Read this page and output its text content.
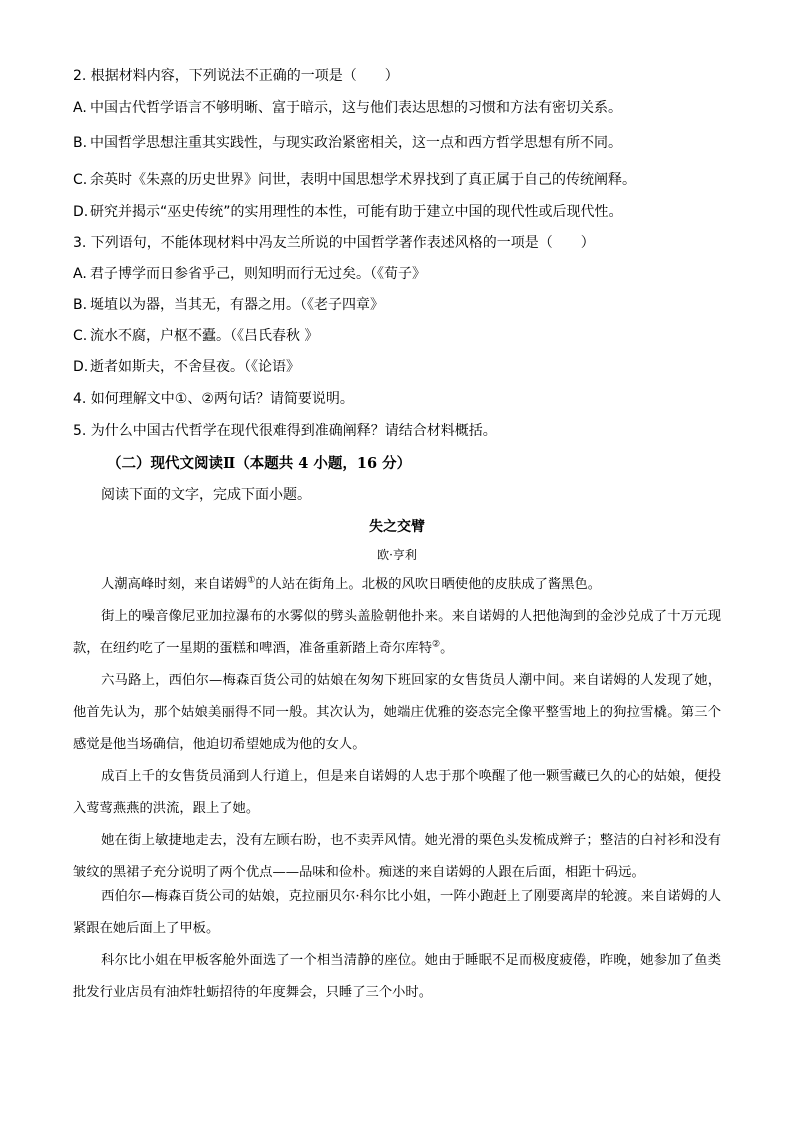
2. 根据材料内容，下列说法不正确的一项是（　　）
A. 中国古代哲学语言不够明晰、富于暗示，这与他们表达思想的习惯和方法有密切关系。
B. 中国哲学思想注重其实践性，与现实政治紧密相关，这一点和西方哲学思想有所不同。
C. 余英时《朱熹的历史世界》问世，表明中国思想学术界找到了真正属于自己的传统阐释。
D. 研究并揭示“巫史传统”的实用理性的本性，可能有助于建立中国的现代性或后现代性。
3. 下列语句，不能体现材料中冯友兰所说的中国哲学著作表述风格的一项是（　　）
A. 君子博学而日参省乎己，则知明而行无过矣。（《荀子》
B. 埏埴以为器，当其无，有器之用。（《老子四章》
C. 流水不腐，户枢不蠹。（《吕氏春秋 》
D. 逝者如斯夫，不舍昼夜。（《论语》
4. 如何理解文中①、②两句话？请简要说明。
5. 为什么中国古代哲学在现代很难得到准确阐释？请结合材料概括。
（二）现代文阅读Ⅱ（本题共 4 小题，16 分）
阅读下面的文字，完成下面小题。
失之交臂
欧·亨利
人潮高峰时刻，来自诺姆①的人站在街角上。北极的风吹日晒使他的皮肤成了酱黑色。
街上的噪音像尼亚加拉瀑布的水雾似的劈头盖脸朝他扑来。来自诺姆的人把他淘到的金沙兑成了十万元现款，在纽约吃了一星期的蛋糕和啤酒，准备重新踏上奇尔库特②。
六马路上，西伯尔—梅森百货公司的姑娘在匆匆下班回家的女售货员人潮中间。来自诺姆的人发现了她，他首先认为，那个姑娘美丽得不同一般。其次认为，她端庄优雅的姿态完全像平整雪地上的狗拉雪橇。第三个感觉是他当场确信，他迫切希望她成为他的女人。
成百上千的女售货员涌到人行道上，但是来自诺姆的人忠于那个唤醒了他一颗雪藏已久的心的姑娘，便投入莺莺燕燕的洪流，跟上了她。
她在街上敏捷地走去，没有左顾右盼，也不卖弄风情。她光滑的栗色头发梳成辫子；整洁的白衬衫和没有皱纹的黑裙子充分说明了两个优点——品味和俭朴。痴迷的来自诺姆的人跟在后面，相距十码远。
西伯尔—梅森百货公司的姑娘，克拉丽贝尔·科尔比小姐，一阵小跑赶上了刚要离岸的轮渡。来自诺姆的人紧跟在她后面上了甲板。
科尔比小姐在甲板客舱外面选了一个相当清静的座位。她由于睡眠不足而极度疲倦，昨晚，她参加了鱼类批发行业店员有油炸牡蛎招待的年度舞会，只睡了三个小时。
